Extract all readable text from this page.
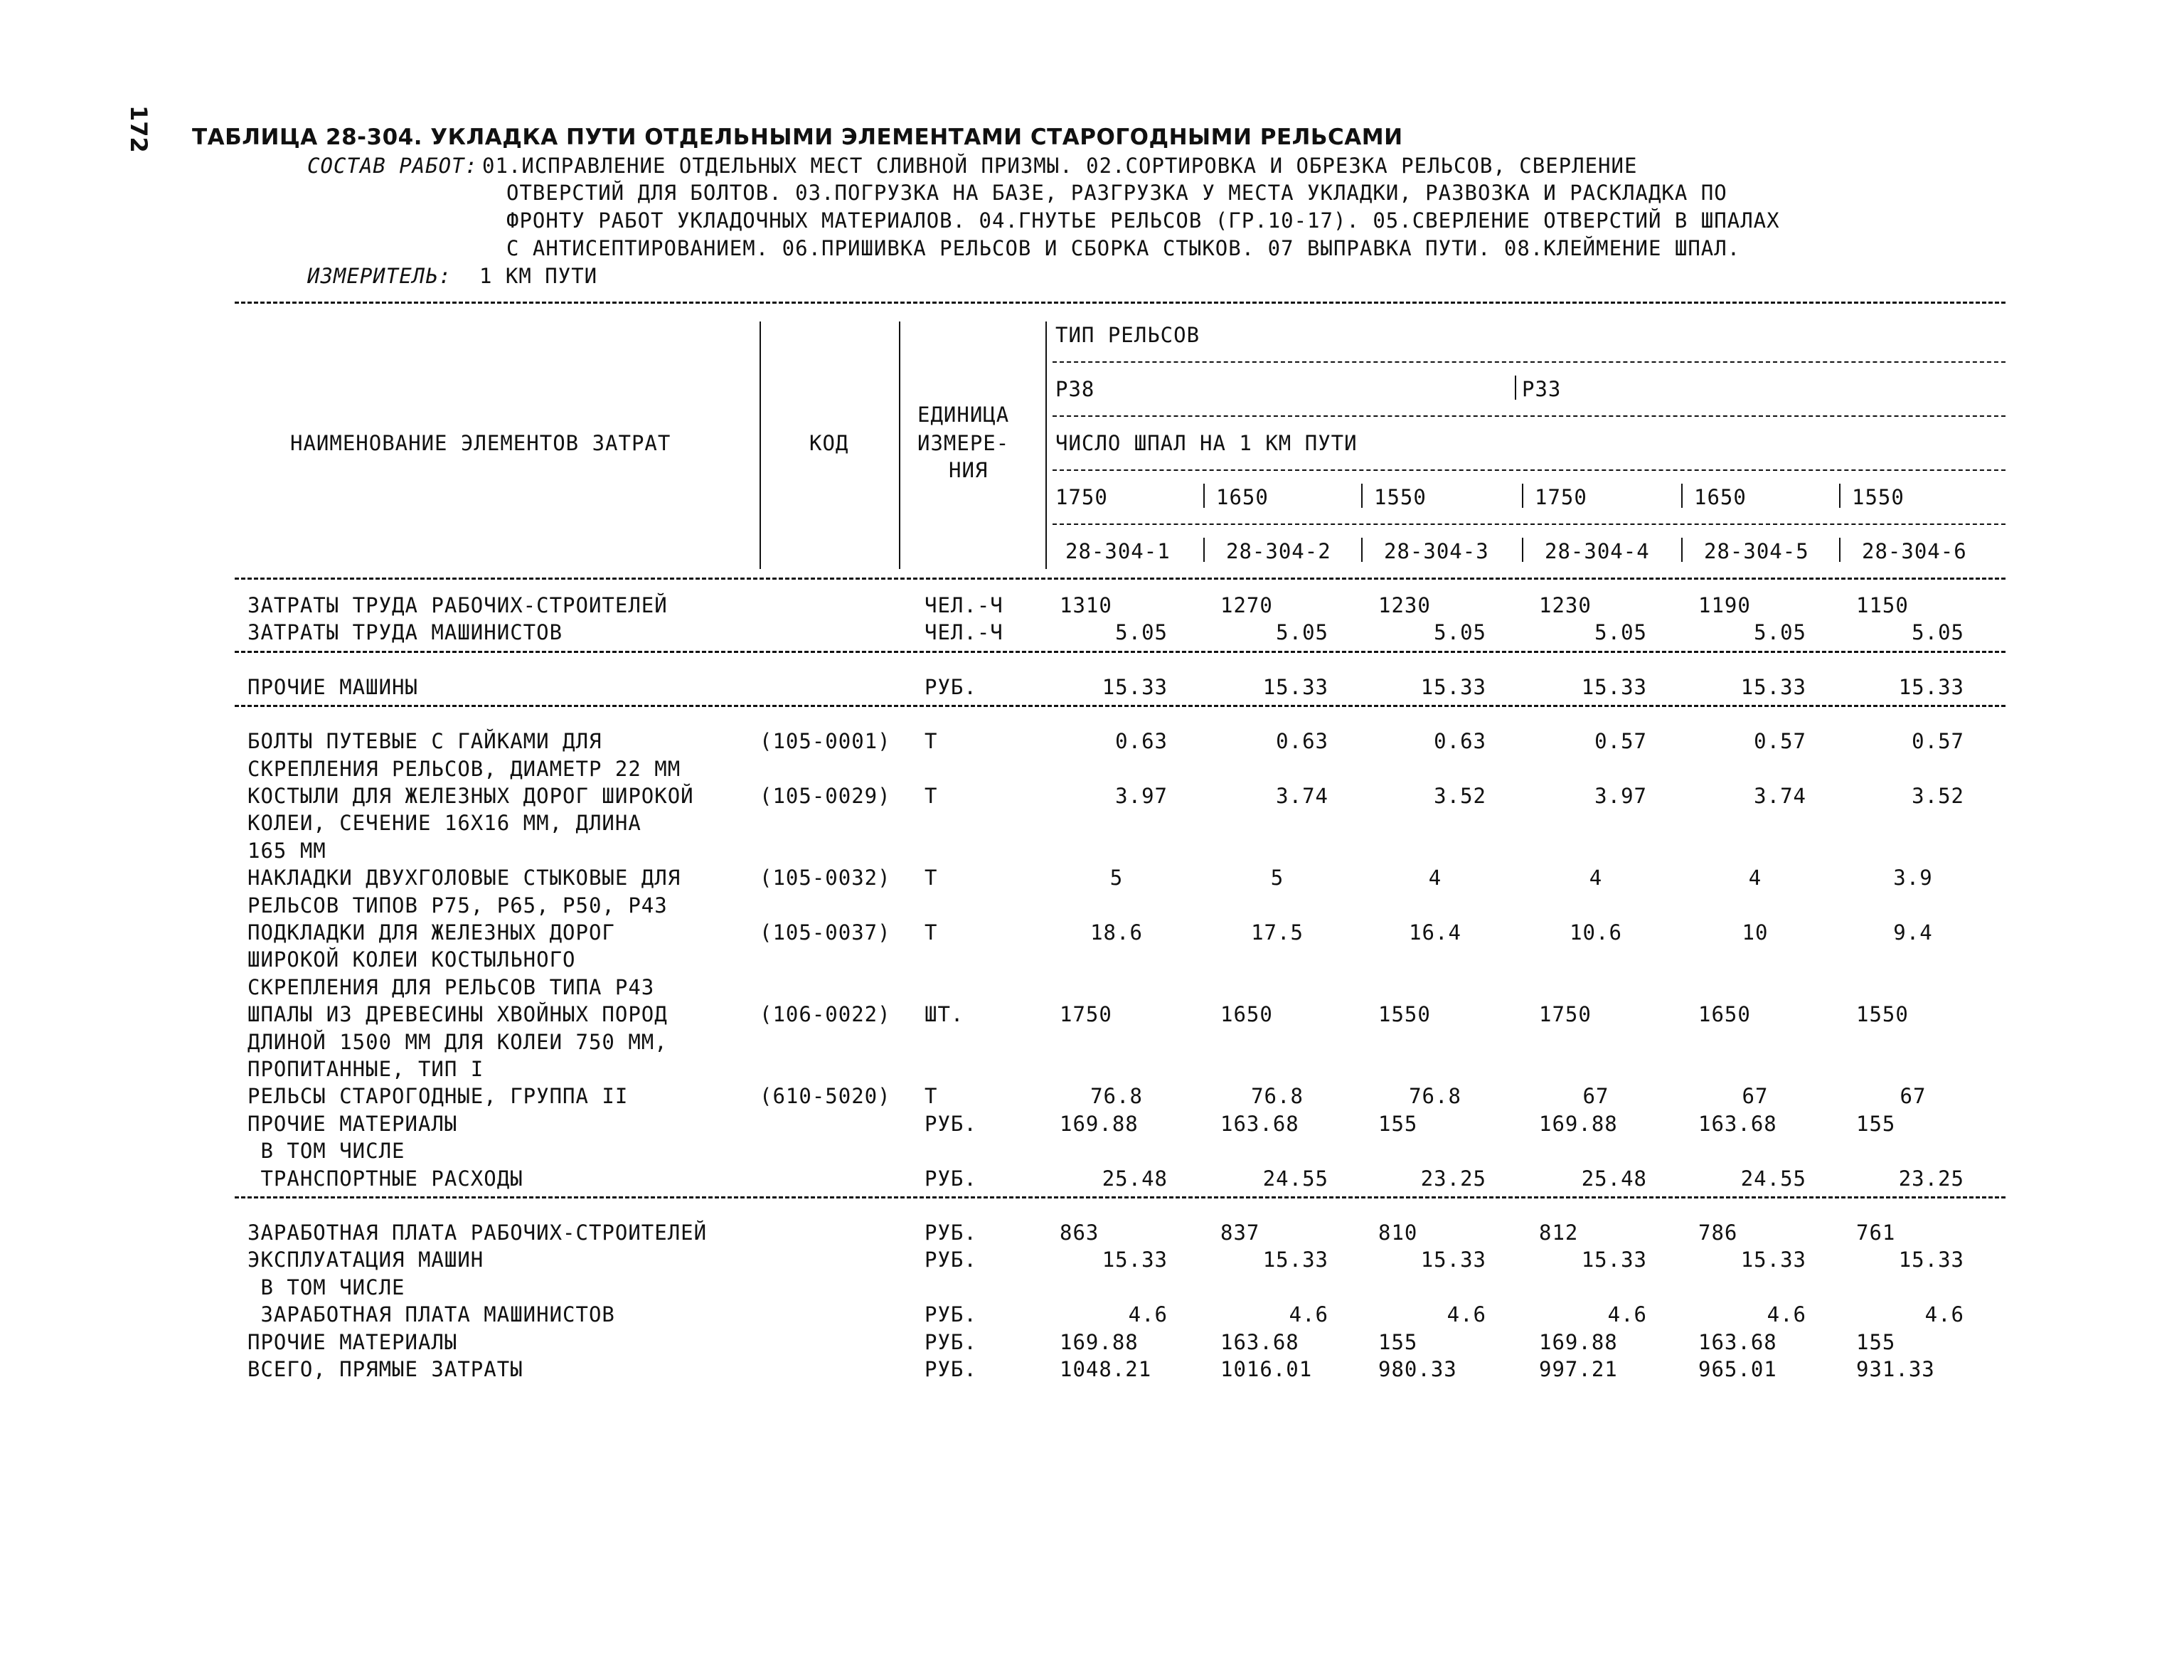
172 ТАБЛИЦА 28-304. УКЛАДКА ПУТИ ОТДЕЛЬНЫМИ ЭЛЕМЕНТАМИ СТАРОГОДНЫМИ РЕЛЬСАМИ
СОСТАВ РАБОТ: 01.ИСПРАВЛЕНИЕ ОТДЕЛЬНЫХ МЕСТ СЛИВНОЙ ПРИЗМЫ. 02.СОРТИРОВКА И ОБРЕЗКА РЕЛЬСОВ, СВЕРЛЕНИЕ
ОТВЕРСТИЙ ДЛЯ БОЛТОВ. 03.ПОГРУЗКА НА БАЗЕ, РАЗГРУЗКА У МЕСТА УКЛАДКИ, РАЗВОЗКА И РАСКЛАДКА ПО
ФРОНТУ РАБОТ УКЛАДОЧНЫХ МАТЕРИАЛОВ. 04.ГНУТЬЕ РЕЛЬСОВ (ГР.10-17). 05.СВЕРЛЕНИЕ ОТВЕРСТИЙ В ШПАЛАХ
С АНТИСЕПТИРОВАНИЕМ. 06.ПРИШИВКА РЕЛЬСОВ И СБОРКА СТЫКОВ. 07 ВЫПРАВКА ПУТИ. 08.КЛЕЙМЕНИЕ ШПАЛ.
ИЗМЕРИТЕЛЬ: 1 КМ ПУТИ
НАИМЕНОВАНИЕ ЭЛЕМЕНТОВ ЗАТРАТ	КОД
ЕДИНИЦА
ИЗМЕРЕ-
НИЯ
ТИП РЕЛЬСОВ
Р38	Р33
ЧИСЛО ШПАЛ НА 1 КМ ПУТИ
1750	1650	1550	1750	1650	1550
28-304-1	28-304-2	28-304-3	28-304-4	28-304-5	28-304-6
ЗАТРАТЫ ТРУДА РАБОЧИХ-СТРОИТЕЛЕЙ	ЧЕЛ.-Ч	1310	1270	1230	1230	1190	1150
ЗАТРАТЫ ТРУДА МАШИНИСТОВ	ЧЕЛ.-Ч	5.05	5.05	5.05	5.05	5.05	5.05
ПРОЧИЕ МАШИНЫ	РУБ.	15.33	15.33	15.33	15.33	15.33	15.33
БОЛТЫ ПУТЕВЫЕ С ГАЙКАМИ ДЛЯ	(105-0001) Т	0.63	0.63	0.63	0.57	0.57	0.57
СКРЕПЛЕНИЯ РЕЛЬСОВ, ДИАМЕТР 22 ММ
КОСТЫЛИ ДЛЯ ЖЕЛЕЗНЫХ ДОРОГ ШИРОКОЙ	(105-0029) Т	3.97	3.74	3.52	3.97	3.74	3.52
КОЛЕИ, СЕЧЕНИЕ 16Х16 ММ, ДЛИНА
165 ММ
НАКЛАДКИ ДВУХГОЛОВЫЕ СТЫКОВЫЕ ДЛЯ	(105-0032) Т	5	5	4	4	4	3.9
РЕЛЬСОВ ТИПОВ Р75, Р65, Р50, Р43
ПОДКЛАДКИ ДЛЯ ЖЕЛЕЗНЫХ ДОРОГ	(105-0037) Т	18.6	17.5	16.4	10.6	10	9.4
ШИРОКОЙ КОЛЕИ КОСТЫЛЬНОГО
СКРЕПЛЕНИЯ ДЛЯ РЕЛЬСОВ ТИПА Р43
ШПАЛЫ ИЗ ДРЕВЕСИНЫ ХВОЙНЫХ ПОРОД	(106-0022) ШТ.	1750	1650	1550	1750	1650	1550
ДЛИНОЙ 1500 ММ ДЛЯ КОЛЕИ 750 ММ,
ПРОПИТАННЫЕ, ТИП I
РЕЛЬСЫ СТАРОГОДНЫЕ, ГРУППА II	(610-5020) Т	76.8	76.8	76.8	67	67	67
ПРОЧИЕ МАТЕРИАЛЫ	РУБ.	169.88	163.68	155	169.88	163.68	155
В ТОМ ЧИСЛЕ
ТРАНСПОРТНЫЕ РАСХОДЫ	РУБ.	25.48	24.55	23.25	25.48	24.55	23.25
ЗАРАБОТНАЯ ПЛАТА РАБОЧИХ-СТРОИТЕЛЕЙ	РУБ.	863	837	810	812	786	761
ЭКСПЛУАТАЦИЯ МАШИН	РУБ.	15.33	15.33	15.33	15.33	15.33	15.33
В ТОМ ЧИСЛЕ
ЗАРАБОТНАЯ ПЛАТА МАШИНИСТОВ	РУБ.	4.6	4.6	4.6	4.6	4.6	4.6
ПРОЧИЕ МАТЕРИАЛЫ	РУБ.	169.88	163.68	155	169.88	163.68	155
ВСЕГО, ПРЯМЫЕ ЗАТРАТЫ	РУБ.	1048.21	1016.01	980.33	997.21	965.01	931.33
